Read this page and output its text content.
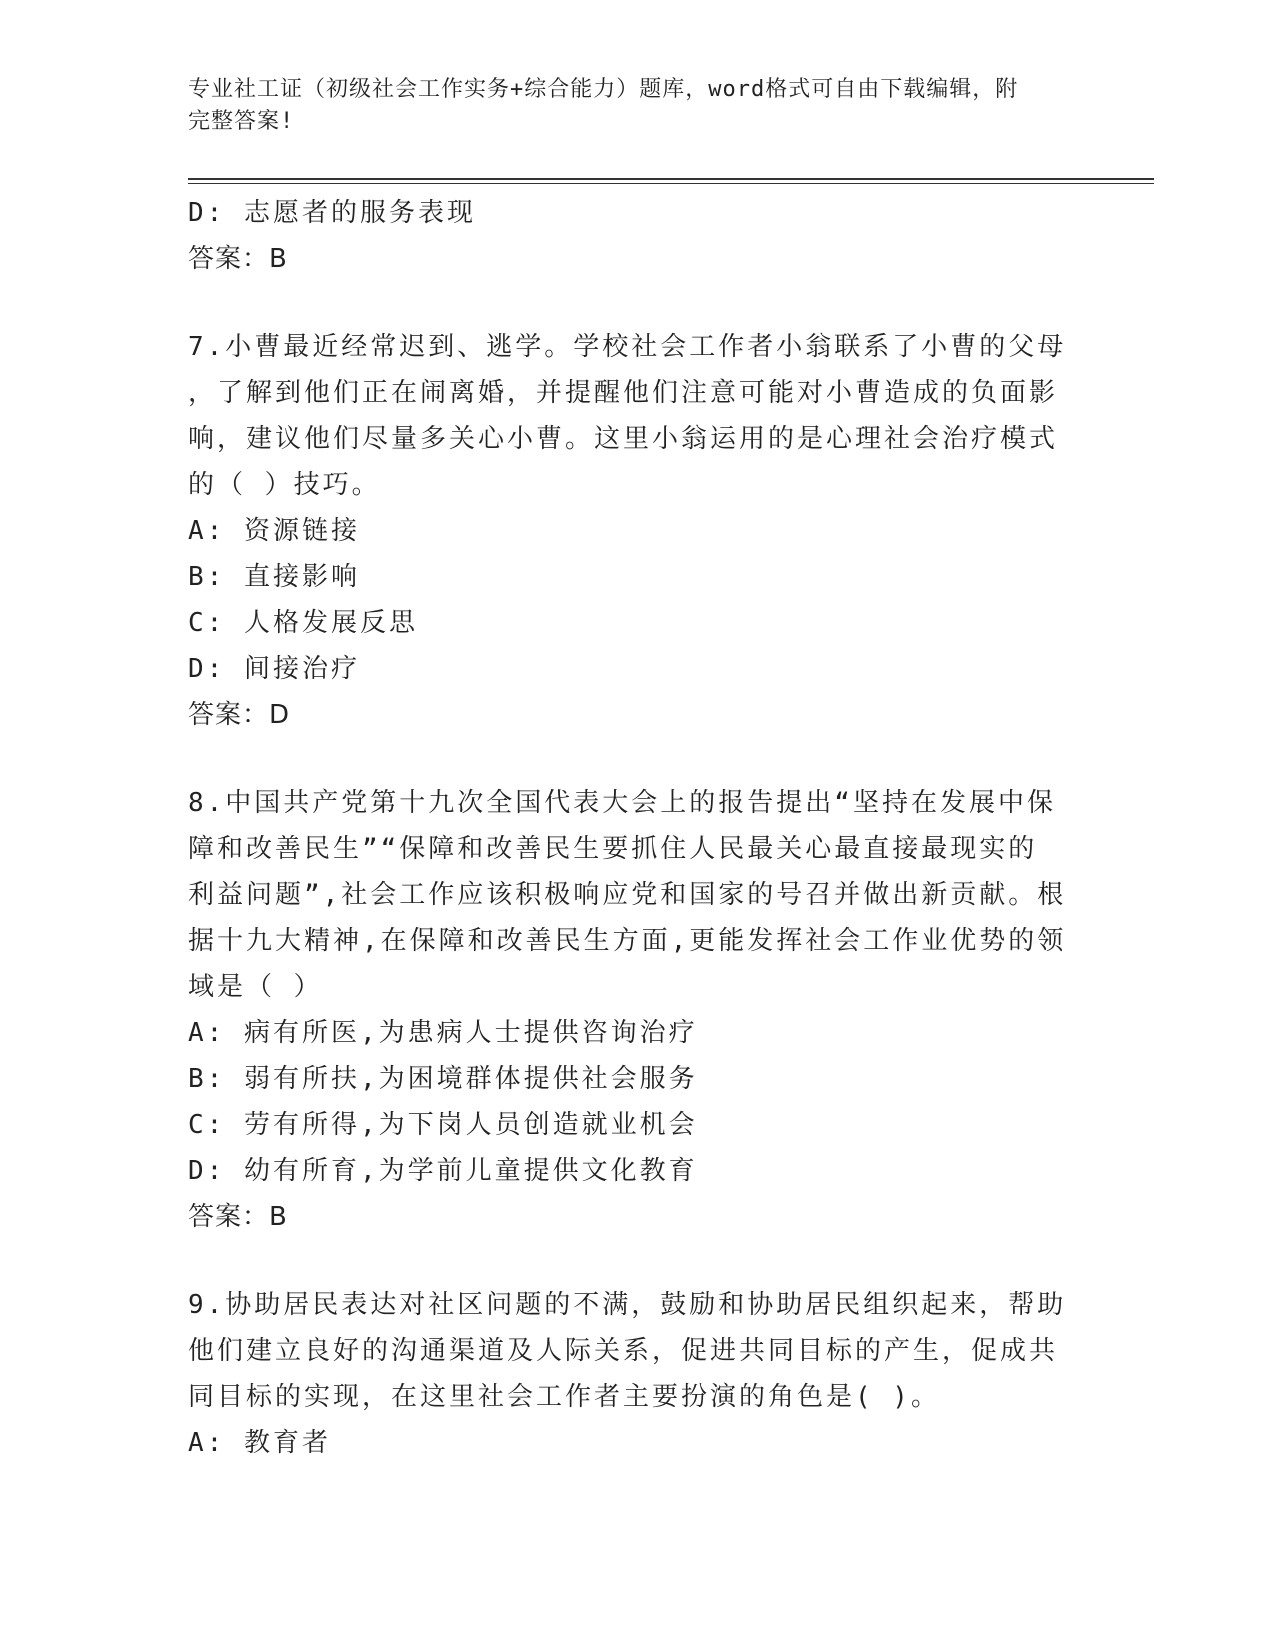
专业社工证（初级社会工作实务+综合能力）题库，word格式可自由下载编辑，附
完整答案!
D: 志愿者的服务表现
答案：B
7.小曹最近经常迟到、逃学。学校社会工作者小翁联系了小曹的父母
，了解到他们正在闹离婚，并提醒他们注意可能对小曹造成的负面影
响，建议他们尽量多关心小曹。这里小翁运用的是心理社会治疗模式
的（ ）技巧。
A: 资源链接
B: 直接影响
C: 人格发展反思
D: 间接治疗
答案：D
8.中国共产党第十九次全国代表大会上的报告提出“坚持在发展中保
障和改善民生”“保障和改善民生要抓住人民最关心最直接最现实的
利益问题”,社会工作应该积极响应党和国家的号召并做出新贡献。根
据十九大精神,在保障和改善民生方面,更能发挥社会工作业优势的领
域是（ ）
A: 病有所医,为患病人士提供咨询治疗
B: 弱有所扶,为困境群体提供社会服务
C: 劳有所得,为下岗人员创造就业机会
D: 幼有所育,为学前儿童提供文化教育
答案：B
9.协助居民表达对社区问题的不满，鼓励和协助居民组织起来，帮助
他们建立良好的沟通渠道及人际关系，促进共同目标的产生，促成共
同目标的实现，在这里社会工作者主要扮演的角色是( )。
A: 教育者
